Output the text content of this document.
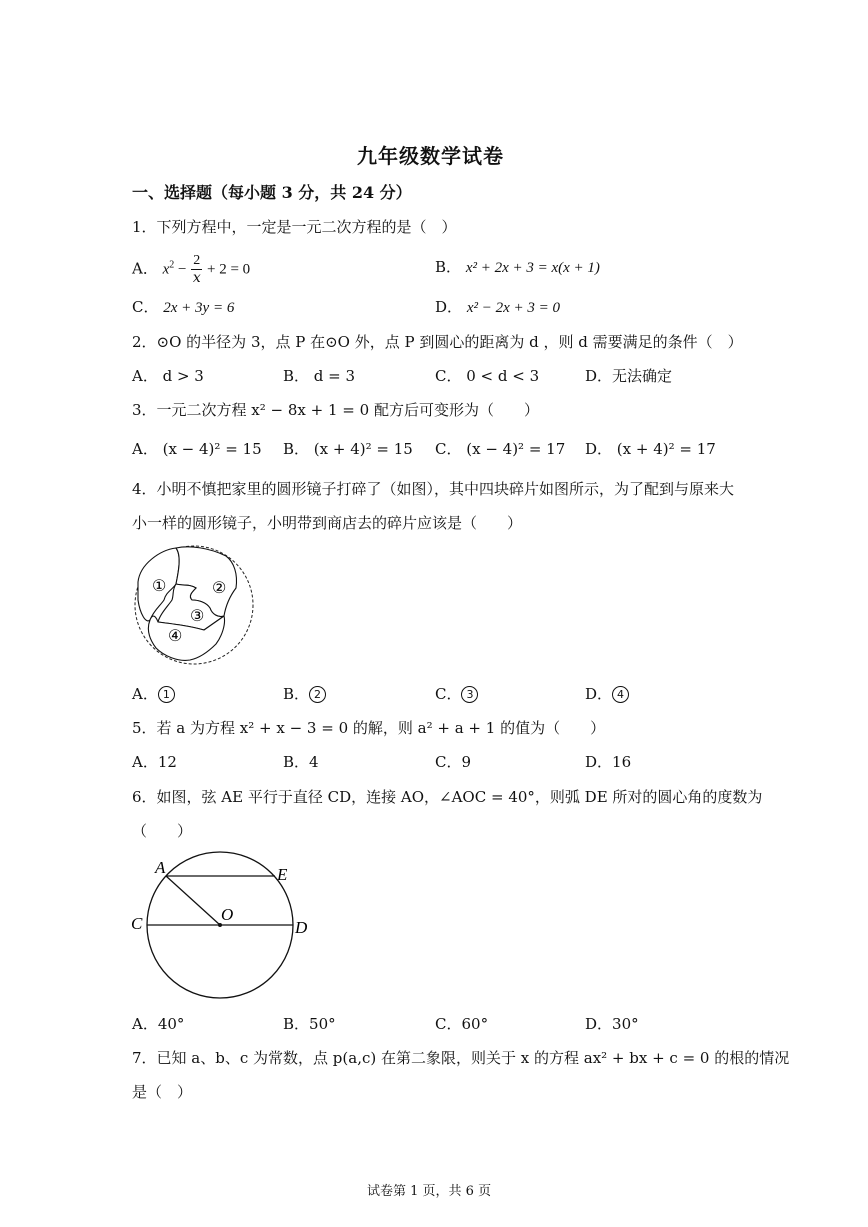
九年级数学试卷
一、选择题（每小题 3 分，共 24 分）
1．下列方程中，一定是一元二次方程的是（　）
A． $x^2 - \frac{2}{x} + 2 = 0$	B． x² + 2x + 3 = x(x + 1)
C． 2x + 3y = 6	D． x² − 2x + 3 = 0
2．⊙O 的半径为 3，点 P 在⊙O 外，点 P 到圆心的距离为 d ，则 d 需要满足的条件（　）
A． d > 3	B． d = 3	C． 0 < d < 3	D．无法确定
3．一元二次方程 x² − 8x + 1 = 0 配方后可变形为（　　）
A． (x − 4)² = 15 B． (x + 4)² = 15 C． (x − 4)² = 17 D． (x + 4)² = 17
4．小明不慎把家里的圆形镜子打碎了（如图），其中四块碎片如图所示，为了配到与原来大
小一样的圆形镜子，小明带到商店去的碎片应该是（　　）
①	②
③
④
A． 1	B． 2	C． 3	D． 4
5．若 a 为方程 x² + x − 3 = 0 的解，则 a² + a + 1 的值为（　　）
A．12	B．4	C．9	D．16
6．如图，弦 AE 平行于直径 CD，连接 AO，∠AOC = 40°，则弧 DE 所对的圆心角的度数为
（　　）
A	E
C	O
D
A．40°	B．50°	C．60°	D．30°
7．已知 a、b、c 为常数，点 p(a,c) 在第二象限，则关于 x 的方程 ax² + bx + c = 0 的根的情况
是（　）
试卷第 1 页，共 6 页
